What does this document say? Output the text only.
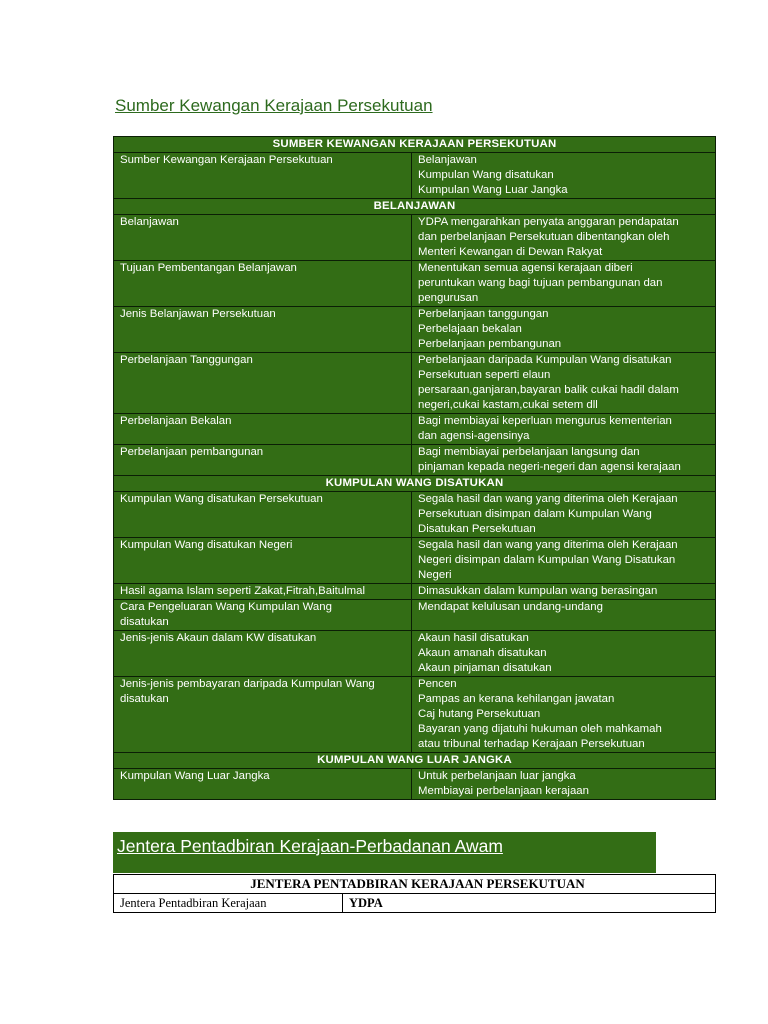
Sumber Kewangan Kerajaan Persekutuan
SUMBER KEWANGAN KERAJAAN PERSEKUTUAN	

Sumber Kewangan Kerajaan Persekutuan	Belanjawan
Kumpulan Wang disatukan
Kumpulan Wang Luar Jangka

BELANJAWAN	

Belanjawan	YDPA mengarahkan penyata anggaran pendapatan
dan perbelanjaan Persekutuan dibentangkan oleh
Menteri Kewangan di Dewan Rakyat

Tujuan Pembentangan Belanjawan	Menentukan semua agensi kerajaan diberi
peruntukan wang bagi tujuan pembangunan dan
pengurusan

Jenis Belanjawan Persekutuan	Perbelanjaan tanggungan
Perbelajaan bekalan
Perbelanjaan pembangunan

Perbelanjaan Tanggungan	Perbelanjaan daripada Kumpulan Wang disatukan
Persekutuan seperti elaun
persaraan,ganjaran,bayaran balik cukai hadil dalam
negeri,cukai kastam,cukai setem dll

Perbelanjaan Bekalan	Bagi membiayai keperluan mengurus kementerian
dan agensi-agensinya

Perbelanjaan pembangunan	Bagi membiayai perbelanjaan langsung dan
pinjaman kepada negeri-negeri dan agensi kerajaan

KUMPULAN WANG DISATUKAN	

Kumpulan Wang disatukan Persekutuan	Segala hasil dan wang yang diterima oleh Kerajaan
Persekutuan disimpan dalam Kumpulan Wang
Disatukan Persekutuan

Kumpulan Wang disatukan Negeri	Segala hasil dan wang yang diterima oleh Kerajaan
Negeri disimpan dalam Kumpulan Wang Disatukan
Negeri

Hasil agama Islam seperti Zakat,Fitrah,Baitulmal	Dimasukkan dalam kumpulan wang berasingan

Cara Pengeluaran Wang Kumpulan Wang
disatukan	Mendapat kelulusan undang-undang

Jenis-jenis Akaun dalam KW disatukan	Akaun hasil disatukan
Akaun amanah disatukan
Akaun pinjaman disatukan

Jenis-jenis pembayaran daripada Kumpulan Wang
disatukan	Pencen
Pampas an kerana kehilangan jawatan
Caj hutang Persekutuan
Bayaran yang dijatuhi hukuman oleh mahkamah
atau tribunal terhadap Kerajaan Persekutuan

KUMPULAN WANG LUAR JANGKA	

Kumpulan Wang Luar Jangka	Untuk perbelanjaan luar jangka
Membiayai perbelanjaan kerajaan
Jentera Pentadbiran Kerajaan-Perbadanan Awam
JENTERA PENTADBIRAN KERAJAAN PERSEKUTUAN
Jentera Pentadbiran Kerajaan	YDPA
